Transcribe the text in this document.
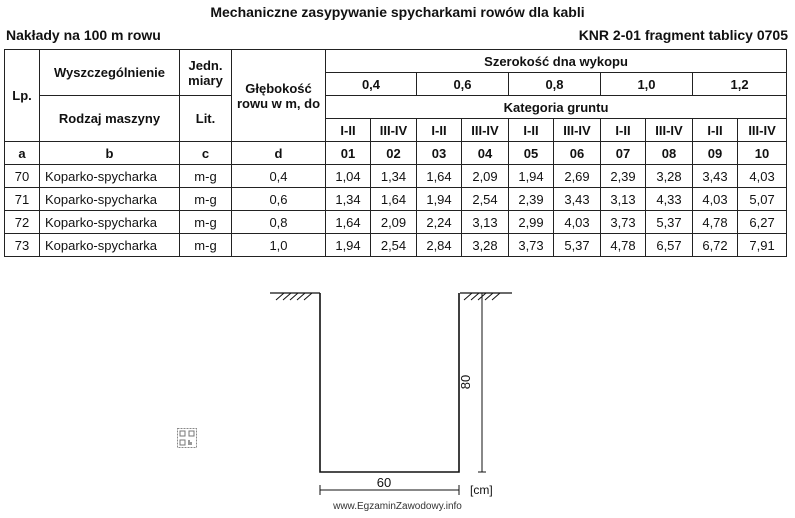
Mechaniczne zasypywanie spycharkami rowów dla kabli
Nakłady na 100 m rowu	KNR 2-01 fragment tablicy 0705
Lp.	Wyszczególnienie	Jedn. miary	Głębokość rowu w m, do	Szerokość dna wykopu									
				0,4		0,6		0,8		1,0		1,2	
	Rodzaj maszyny	Lit.		Kategoria gruntu									
				I-II	III-IV	I-II	III-IV	I-II	III-IV	I-II	III-IV	I-II	III-IV
a	b	c	d	01	02	03	04	05	06	07	08	09	10
70	Koparko-spycharka	m-g	0,4	1,04	1,34	1,64	2,09	1,94	2,69	2,39	3,28	3,43	4,03
71	Koparko-spycharka	m-g	0,6	1,34	1,64	1,94	2,54	2,39	3,43	3,13	4,33	4,03	5,07
72	Koparko-spycharka	m-g	0,8	1,64	2,09	2,24	3,13	2,99	4,03	3,73	5,37	4,78	6,27
73	Koparko-spycharka	m-g	1,0	1,94	2,54	2,84	3,28	3,73	5,37	4,78	6,57	6,72	7,91
80
60	[cm]
www.EgzaminZawodowy.info
